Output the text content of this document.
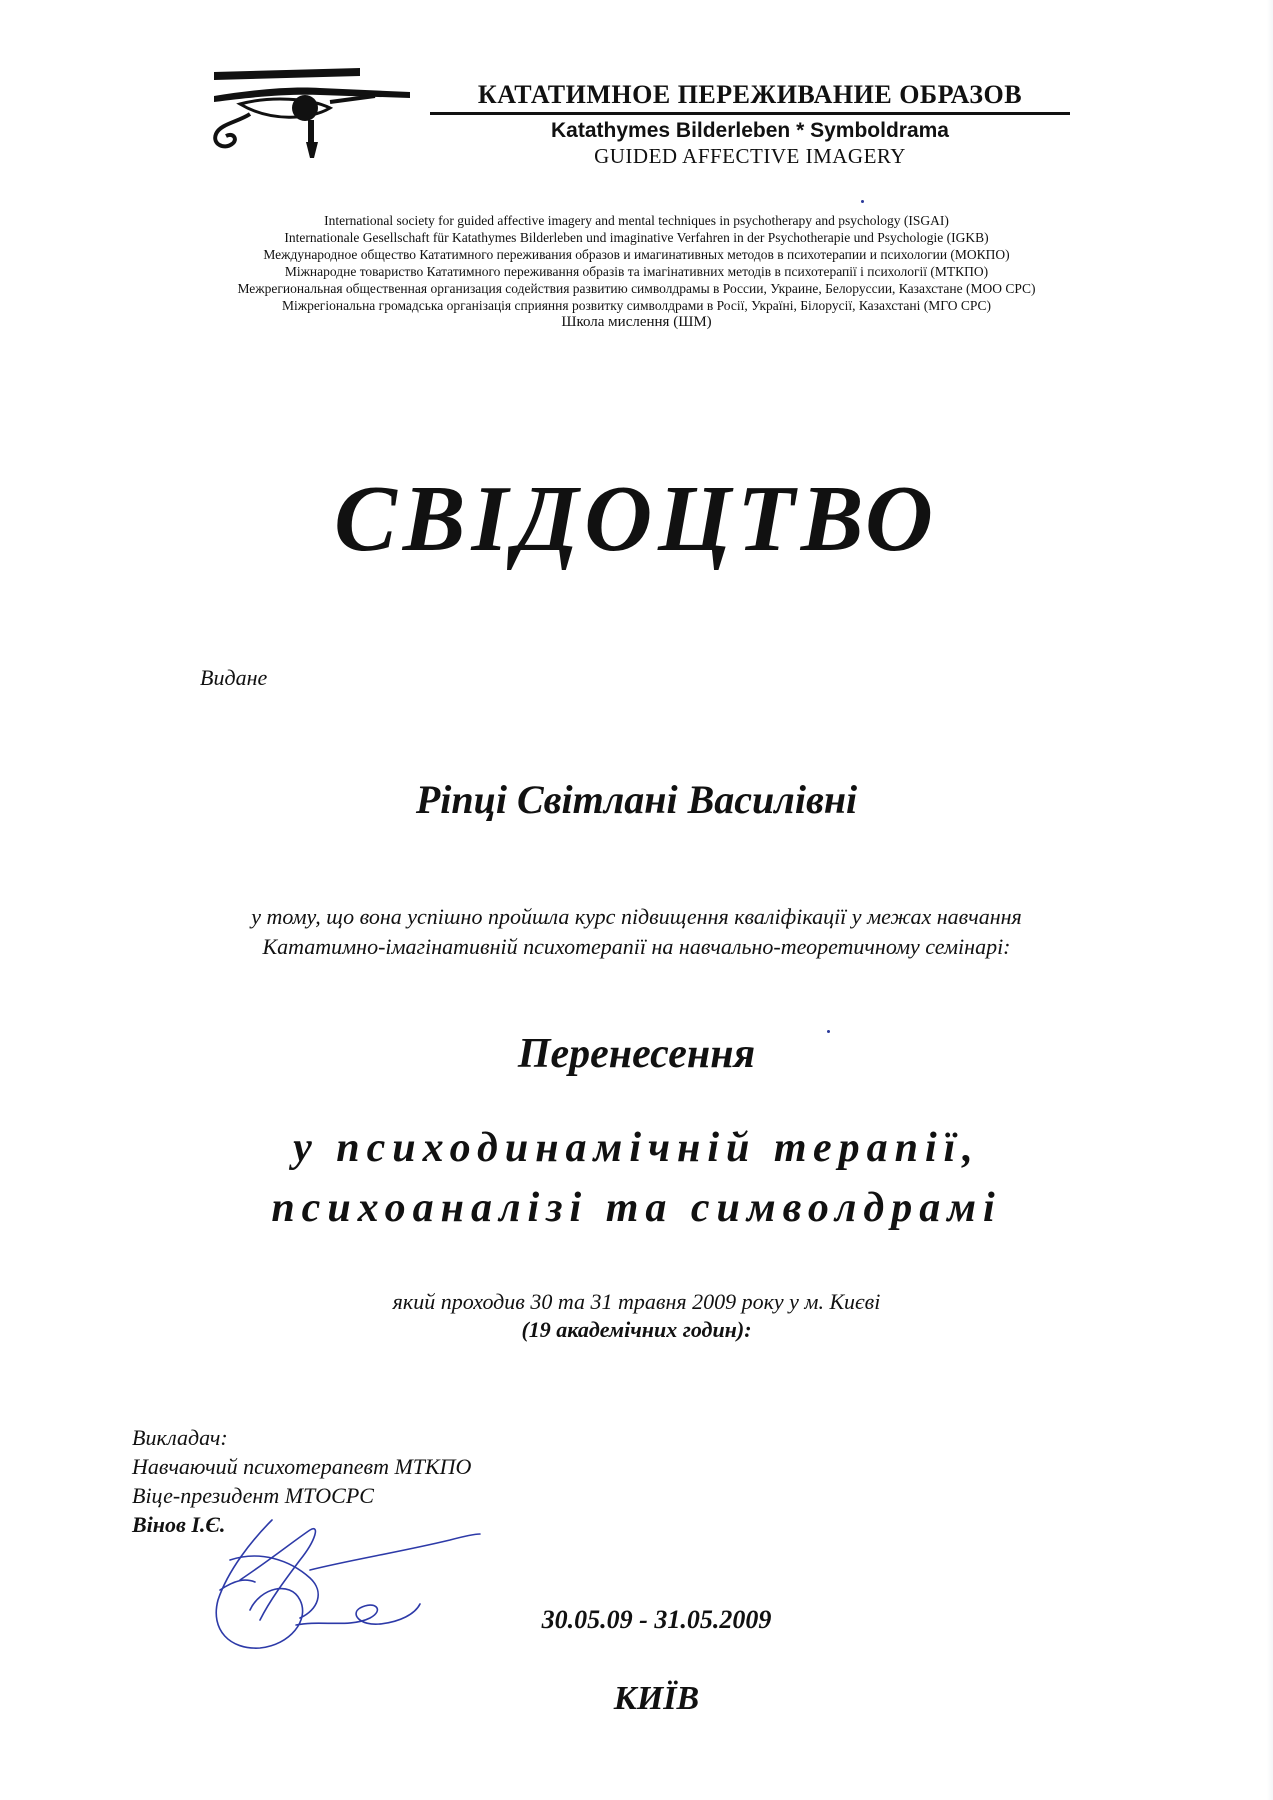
КАТАТИМНОЕ ПЕРЕЖИВАНИЕ ОБРАЗОВ
Katathymes Bilderleben * Symboldrama
GUIDED AFFECTIVE IMAGERY
International society for guided affective imagery and mental techniques in psychotherapy and psychology (ISGAI)
Internationale Gesellschaft für Katathymes Bilderleben und imaginative Verfahren in der Psychotherapie und Psychologie (IGKB)
Международное общество Кататимного переживания образов и имагинативных методов в психотерапии и психологии (МОКПО)
Міжнародне товариство Кататимного переживання образів та імагінативних методів в психотерапії і психології (МТКПО)
Межрегиональная общественная организация содействия развитию символдрамы в России, Украине, Белоруссии, Казахстане (МОО СРС)
Міжрегіональна громадська організація сприяння розвитку символдрами в Росії, Україні, Білорусії, Казахстані (МГО СРС)
Школа мислення (ШМ)
СВІДОЦТВО
Видане
Ріпці Світлані Василівні
у тому, що вона успішно пройшла курс підвищення кваліфікації у межах навчання
Кататимно-імагінативній психотерапії на навчально-теоретичному семінарі:
Перенесення
у психодинамічній терапії,
психоаналізі та символдрамі
який проходив 30 та 31 травня 2009 року у м. Києві
(19 академічних годин):
Викладач:
Навчаючий психотерапевт МТКПО
Віце-президент МТОСРС
Вінов І.Є.
30.05.09 - 31.05.2009
КИЇВ
